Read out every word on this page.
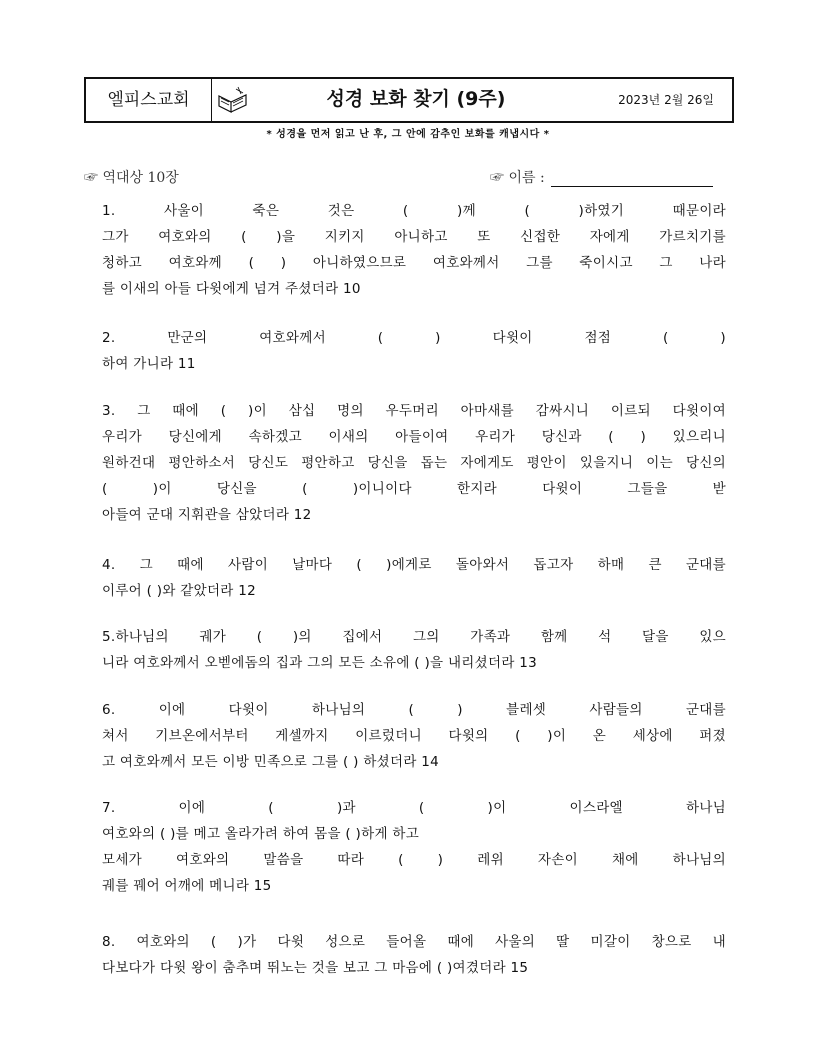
엘피스교회	성경 보화 찾기 (9주)	2023년 2월 26일
* 성경을 먼저 읽고 난 후, 그 안에 감추인 보화를 캐냅시다 *
☞ 역대상 10장	☞ 이름 :
1. 사울이 죽은 것은 ( )께 ( )하였기 때문이라
그가 여호와의 ( )을 지키지 아니하고 또 신접한 자에게 가르치기를
청하고 여호와께 ( ) 아니하였으므로 여호와께서 그를 죽이시고 그 나라
를 이새의 아들 다윗에게 넘겨 주셨더라 10
2. 만군의 여호와께서 ( ) 다윗이 점점 ( )
하여 가니라 11
3. 그 때에 ( )이 삼십 명의 우두머리 아마새를 감싸시니 이르되 다윗이여
우리가 당신에게 속하겠고 이새의 아들이여 우리가 당신과 ( ) 있으리니
원하건대 평안하소서 당신도 평안하고 당신을 돕는 자에게도 평안이 있을지니 이는 당신의
( )이 당신을 ( )이니이다 한지라 다윗이 그들을 받
아들여 군대 지휘관을 삼았더라 12
4. 그 때에 사람이 날마다 ( )에게로 돌아와서 돕고자 하매 큰 군대를
이루어 ( )와 같았더라 12
5.하나님의 궤가 ( )의 집에서 그의 가족과 함께 석 달을 있으
니라 여호와께서 오벧에돔의 집과 그의 모든 소유에 ( )을 내리셨더라 13
6. 이에 다윗이 하나님의 ( ) 블레셋 사람들의 군대를
쳐서 기브온에서부터 게셀까지 이르렀더니 다윗의 ( )이 온 세상에 퍼졌
고 여호와께서 모든 이방 민족으로 그를 ( ) 하셨더라 14
7. 이에 ( )과 ( )이 이스라엘 하나님
여호와의 ( )를 메고 올라가려 하여 몸을 ( )하게 하고
모세가 여호와의 말씀을 따라 ( ) 레위 자손이 채에 하나님의
궤를 꿰어 어깨에 메니라 15
8. 여호와의 ( )가 다윗 성으로 들어올 때에 사울의 딸 미갈이 창으로 내
다보다가 다윗 왕이 춤추며 뛰노는 것을 보고 그 마음에 ( )여겼더라 15
